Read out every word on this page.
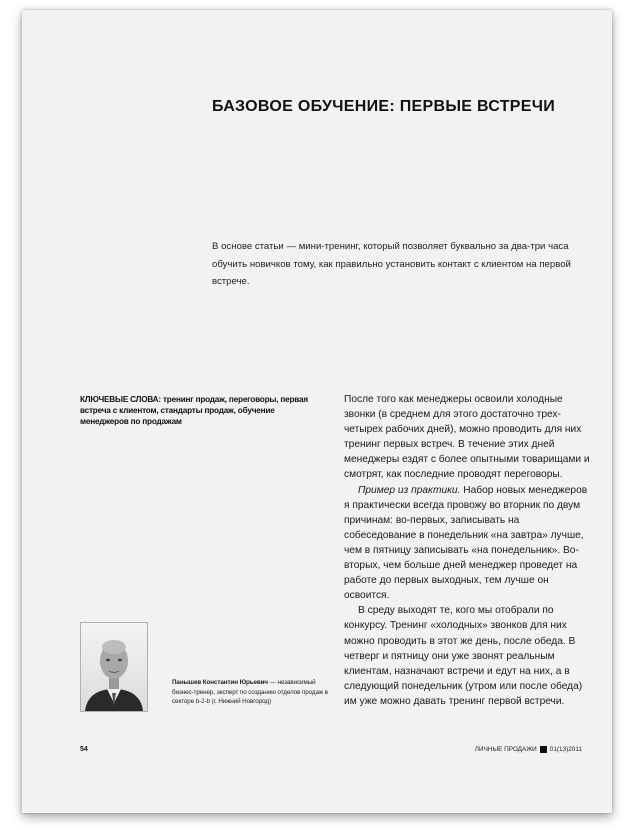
БАЗОВОЕ ОБУЧЕНИЕ: ПЕРВЫЕ ВСТРЕЧИ
В основе статьи — мини-тренинг, который позволяет буквально за два-три часа обучить новичков тому, как правильно установить контакт с клиентом на первой встрече.
КЛЮЧЕВЫЕ СЛОВА: тренинг продаж, переговоры, первая встреча с клиентом, стандарты продаж, обучение менеджеров по продажам

После того как менеджеры освоили холодные звонки (в среднем для этого достаточно трех-четырех рабочих дней), можно проводить для них тренинг первых встреч. В течение этих дней менеджеры ездят с более опытными товарищами и смотрят, как последние проводят переговоры.

Пример из практики. Набор новых менеджеров я практически всегда провожу во вторник по двум причинам: во-первых, записывать на собеседование в понедельник «на завтра» лучше, чем в пятницу записывать «на понедельник». Во-вторых, чем больше дней менеджер проведет на работе до первых выходных, тем лучше он освоится.

В среду выходят те, кого мы отобрали по конкурсу. Тренинг «холодных» звонков для них можно проводить в этот же день, после обеда. В четверг и пятницу они уже звонят реальным клиентам, назначают встречи и едут на них, а в следующий понедельник (утром или после обеда) им уже можно давать тренинг первой встречи.

Панышев Константин Юрьевич — независимый бизнес-тренер, эксперт по созданию отделов продаж в секторе b-2-b (г. Нижний Новгород)
54	ЛИЧНЫЕ ПРОДАЖИ 01(13)2011
